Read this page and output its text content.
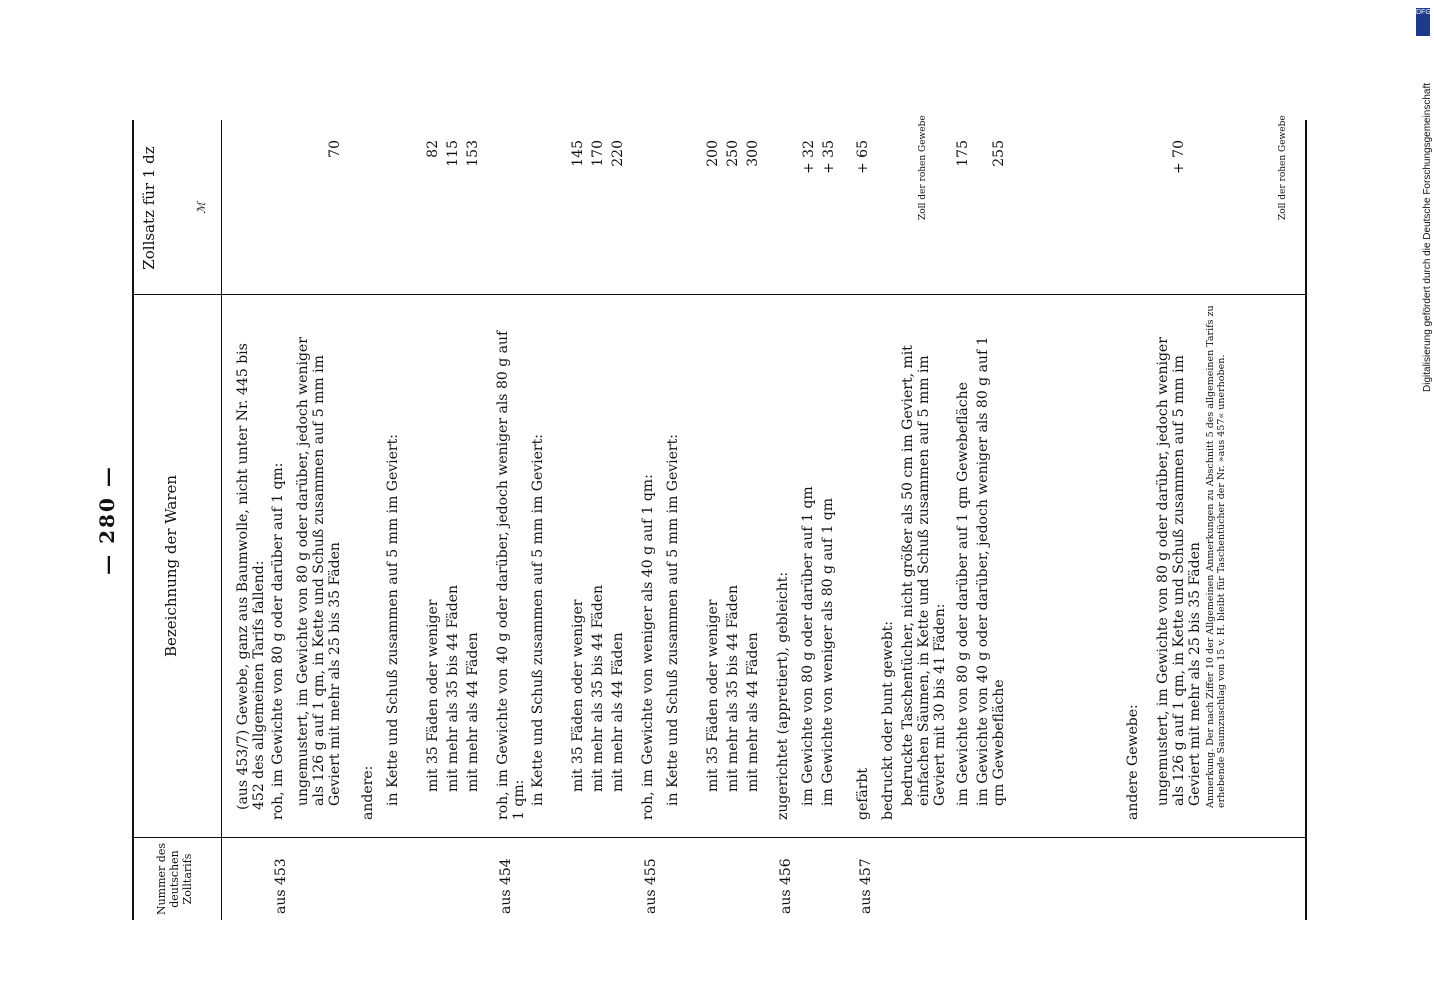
— 280 —
Nummer des deutschen Zolltarifs
Bezeichnung der Waren
Zollsatz für 1 dz	ℳ
(aus 453/7) Gewebe, ganz aus Baumwolle, nicht unter Nr. 445 bis 452 des allgemeinen Tarifs fallend: roh, im Gewichte von 80 g oder darüber auf 1 qm:
aus 453
ungemustert, im Gewichte von 80 g oder darüber, jedoch weniger als 126 g auf 1 qm, in Kette und Schuß zusammen auf 5 mm im Geviert mit mehr als 25 bis 35 Fäden
70
andere: in Kette und Schuß zusammen auf 5 mm im Geviert: mit 35 Fäden oder weniger
82
mit mehr als 35 bis 44 Fäden
115
mit mehr als 44 Fäden
153
roh, im Gewichte von 40 g oder darüber, jedoch weniger als 80 g auf 1 qm:
aus 454
in Kette und Schuß zusammen auf 5 mm im Geviert: mit 35 Fäden oder weniger
145
mit mehr als 35 bis 44 Fäden
170
mit mehr als 44 Fäden
220
roh, im Gewichte von weniger als 40 g auf 1 qm:
aus 455
in Kette und Schuß zusammen auf 5 mm im Geviert: mit 35 Fäden oder weniger
200
mit mehr als 35 bis 44 Fäden
250
mit mehr als 44 Fäden
300
zugerichtet (appretiert), gebleicht:
aus 456
im Gewichte von 80 g oder darüber auf 1 qm
+ 32
im Gewichte von weniger als 80 g auf 1 qm
+ 35
gefärbt
aus 457
+ 65
bedruckt oder bunt gewebt: bedruckte Taschentücher, nicht größer als 50 cm im Geviert, mit einfachen Säumen, in Kette und Schuß zusammen auf 5 mm im Geviert mit 30 bis 41 Fäden: im Gewichte von 80 g oder darüber auf 1 qm Gewebefläche
175
im Gewichte von 40 g oder darüber, jedoch weniger als 80 g auf 1 qm Gewebefläche
255
andere Gewebe: ungemustert, im Gewichte von 80 g oder darüber, jedoch weniger als 126 g auf 1 qm, in Kette und Schuß zusammen auf 5 mm im Geviert mit mehr als 25 bis 35 Fäden
+ 70
Anmerkung. Der nach Ziffer 10 der Allgemeinen Anmerkungen zu Abschnitt 5 des allgemeinen Tarifs zu erhebende Saumzuschlag von 15 v. H. bleibt für Taschentücher der Nr. »aus 457« unerhoben.
Zoll der rohen Gewebe	Zoll der rohen Gewebe
DFG
Digitalisierung gefördert durch die Deutsche Forschungsgemeinschaft
